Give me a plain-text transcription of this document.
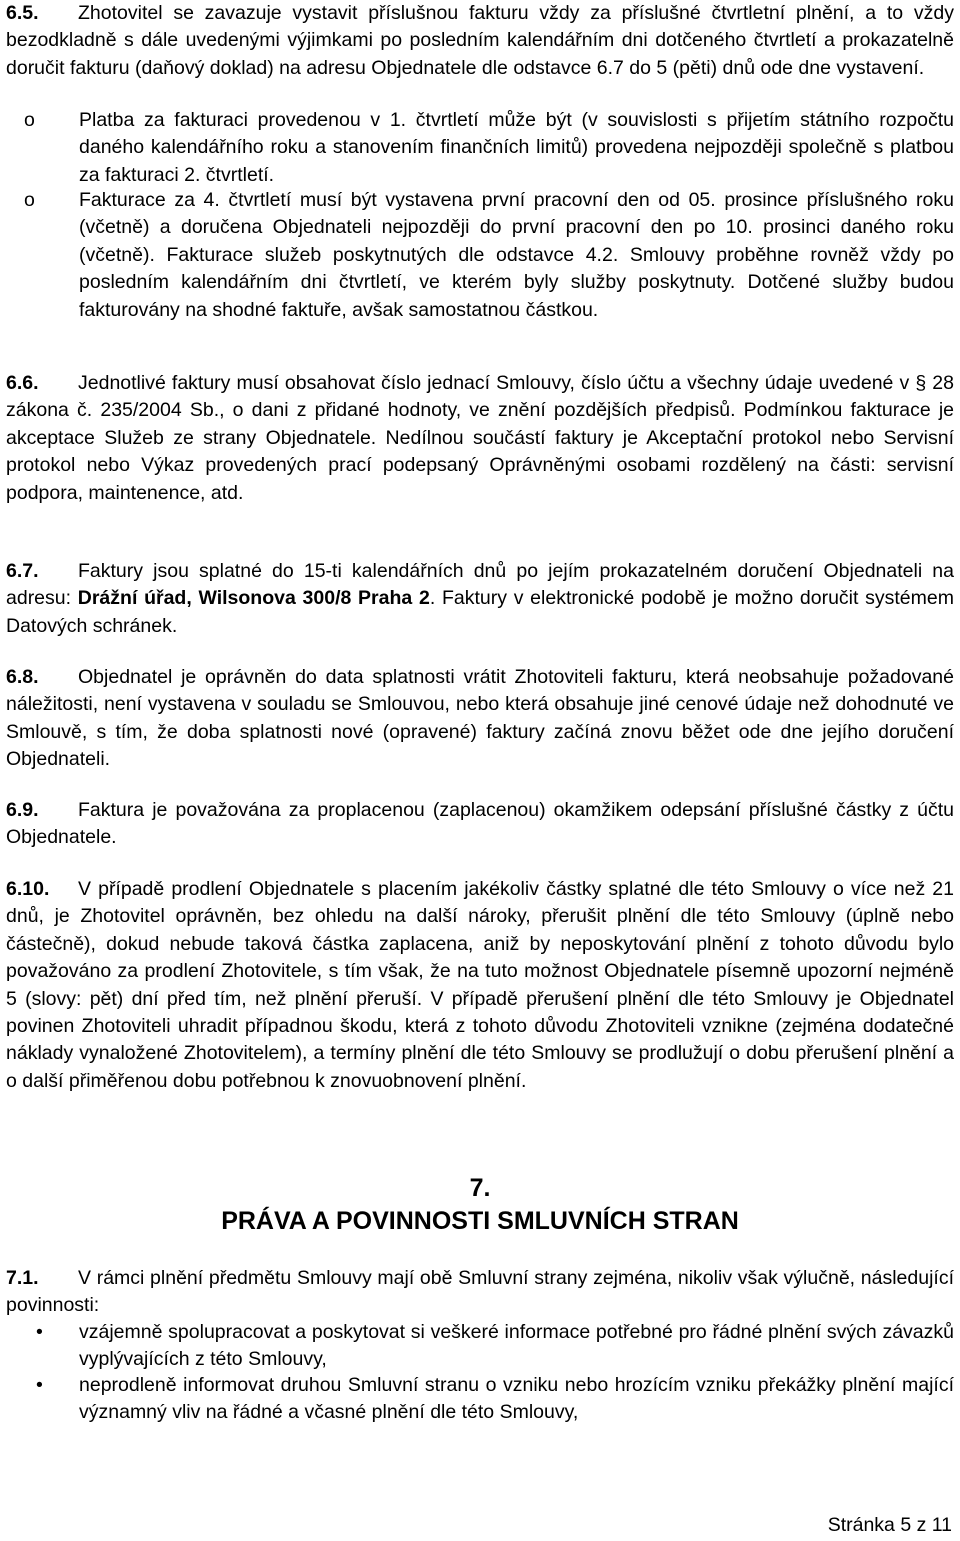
6.5. Zhotovitel se zavazuje vystavit příslušnou fakturu vždy za příslušné čtvrtletní plnění, a to vždy bezodkladně s dále uvedenými výjimkami po posledním kalendářním dni dotčeného čtvrtletí a prokazatelně doručit fakturu (daňový doklad) na adresu Objednatele dle odstavce 6.7 do 5 (pěti) dnů ode dne vystavení.

o	Platba za fakturaci provedenou v 1. čtvrtletí může být (v souvislosti s přijetím státního rozpočtu daného kalendářního roku a stanovením finančních limitů) provedena nejpozději společně s platbou za fakturaci 2. čtvrtletí.

o	Fakturace za 4. čtvrtletí musí být vystavena první pracovní den od 05. prosince příslušného roku (včetně) a doručena Objednateli nejpozději do první pracovní den po 10. prosinci daného roku (včetně). Fakturace služeb poskytnutých dle odstavce 4.2. Smlouvy proběhne rovněž vždy po posledním kalendářním dni čtvrtletí, ve kterém byly služby poskytnuty. Dotčené služby budou fakturovány na shodné faktuře, avšak samostatnou částkou.

6.6. Jednotlivé faktury musí obsahovat číslo jednací Smlouvy, číslo účtu a všechny údaje uvedené v § 28 zákona č. 235/2004 Sb., o dani z přidané hodnoty, ve znění pozdějších předpisů. Podmínkou fakturace je akceptace Služeb ze strany Objednatele. Nedílnou součástí faktury je Akceptační protokol nebo Servisní protokol nebo Výkaz provedených prací podepsaný Oprávněnými osobami rozdělený na části: servisní podpora, maintenence, atd.

6.7. Faktury jsou splatné do 15-ti kalendářních dnů po jejím prokazatelném doručení Objednateli na adresu: Drážní úřad, Wilsonova 300/8 Praha 2. Faktury v elektronické podobě je možno doručit systémem Datových schránek.

6.8. Objednatel je oprávněn do data splatnosti vrátit Zhotoviteli fakturu, která neobsahuje požadované náležitosti, není vystavena v souladu se Smlouvou, nebo která obsahuje jiné cenové údaje než dohodnuté ve Smlouvě, s tím, že doba splatnosti nové (opravené) faktury začíná znovu běžet ode dne jejího doručení Objednateli.

6.9. Faktura je považována za proplacenou (zaplacenou) okamžikem odepsání příslušné částky z účtu Objednatele.

6.10. V případě prodlení Objednatele s placením jakékoliv částky splatné dle této Smlouvy o více než 21 dnů, je Zhotovitel oprávněn, bez ohledu na další nároky, přerušit plnění dle této Smlouvy (úplně nebo částečně), dokud nebude taková částka zaplacena, aniž by neposkytování plnění z tohoto důvodu bylo považováno za prodlení Zhotovitele, s tím však, že na tuto možnost Objednatele písemně upozorní nejméně 5 (slovy: pět) dní před tím, než plnění přeruší. V případě přerušení plnění dle této Smlouvy je Objednatel povinen Zhotoviteli uhradit případnou škodu, která z tohoto důvodu Zhotoviteli vznikne (zejména dodatečné náklady vynaložené Zhotovitelem), a termíny plnění dle této Smlouvy se prodlužují o dobu přerušení plnění a o další přiměřenou dobu potřebnou k znovuobnovení plnění.

7.
PRÁVA A POVINNOSTI SMLUVNÍCH STRAN

7.1. V rámci plnění předmětu Smlouvy mají obě Smluvní strany zejména, nikoliv však výlučně, následující povinnosti:

• vzájemně spolupracovat a poskytovat si veškeré informace potřebné pro řádné plnění svých závazků vyplývajících z této Smlouvy,

• neprodleně informovat druhou Smluvní stranu o vzniku nebo hrozícím vzniku překážky plnění mající významný vliv na řádné a včasné plnění dle této Smlouvy,

Stránka 5 z 11
